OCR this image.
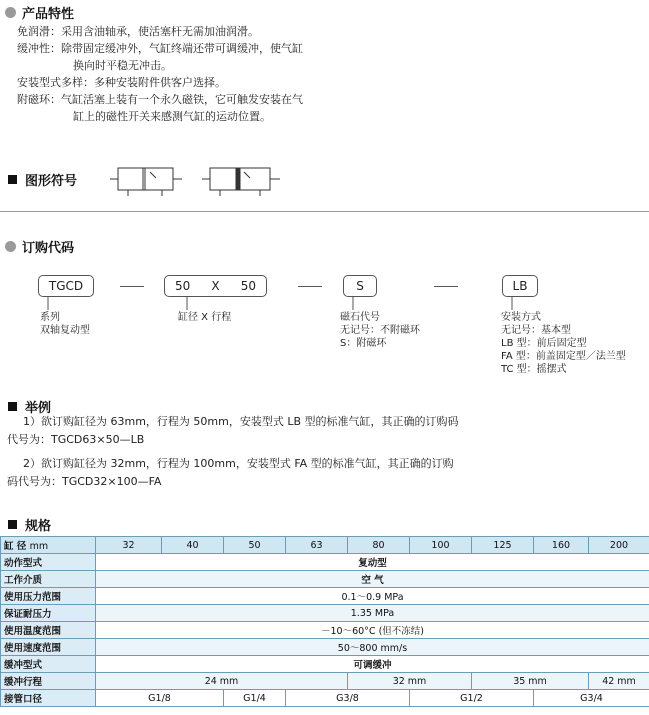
产品特性
免润滑：采用含油轴承，使活塞杆无需加油润滑。
缓冲性：除带固定缓冲外，气缸终端还带可调缓冲，使气缸
换向时平稳无冲击。
安装型式多样：多种安装附件供客户选择。
附磁环：气缸活塞上装有一个永久磁铁，它可触发安装在气
缸上的磁性开关来感测气缸的运动位置。
图形符号
订购代码
TGCD	50 X 50	S	LB
系列
双轴复动型
缸径 X 行程	磁石代号
无记号：不附磁环
S：附磁环
安装方式
无记号：基本型
LB 型：前后固定型
FA 型：前盖固定型／法兰型
TC 型：摇摆式
举例
1）欲订购缸径为 63mm，行程为 50mm，安装型式 LB 型的标准气缸，其正确的订购码
代号为：TGCD63×50—LB
2）欲订购缸径为 32mm，行程为 100mm，安装型式 FA 型的标准气缸，其正确的订购
码代号为：TGCD32×100—FA
规格
缸 径 mm	32	40	50	63	80	100	125	160	200
动作型式	复动型								
工作介质	空 气								
使用压力范围	0.1～0.9 MPa								
保证耐压力	1.35 MPa								
使用温度范围	－10～60°C (但不冻结)								
使用速度范围	50～800 mm/s								
缓冲型式	可调缓冲								
缓冲行程	24 mm				32 mm		35 mm		42 mm
接管口径	G1/8		G1/4	G3/8		G1/2		G3/4	
